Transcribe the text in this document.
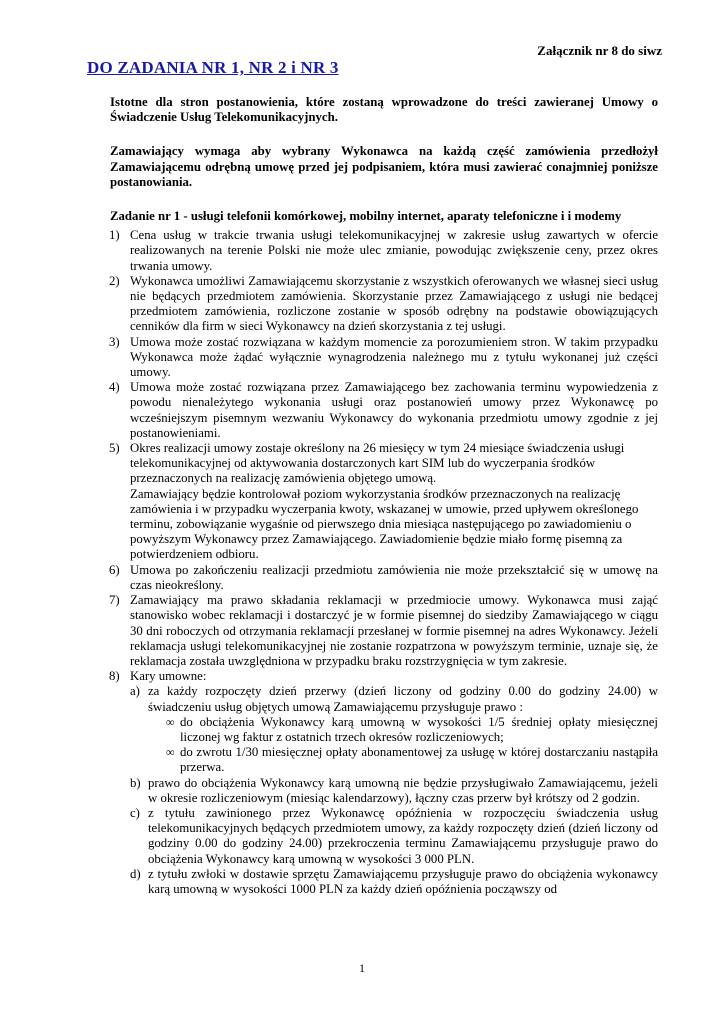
Załącznik nr 8 do siwz
DO ZADANIA NR 1, NR 2 i NR 3

Istotne dla stron postanowienia, które zostaną wprowadzone do treści zawieranej Umowy o Świadczenie Usług Telekomunikacyjnych.

Zamawiający wymaga aby wybrany Wykonawca na każdą część zamówienia przedłożył Zamawiającemu odrębną umowę przed jej podpisaniem, która musi zawierać conajmniej poniższe postanowiania.

Zadanie nr 1 - usługi telefonii komórkowej, mobilny internet, aparaty telefoniczne i i modemy

1) Cena usług w trakcie trwania usługi telekomunikacyjnej w zakresie usług zawartych w ofercie realizowanych na terenie Polski nie może ulec zmianie, powodując zwiększenie ceny, przez okres trwania umowy.
2) Wykonawca umożliwi Zamawiającemu skorzystanie z wszystkich oferowanych we własnej sieci usług nie będących przedmiotem zamówienia. Skorzystanie przez Zamawiającego z usługi nie bedącej przedmiotem zamówienia, rozliczone zostanie w sposób odrębny na podstawie obowiązujących cenników dla firm w sieci Wykonawcy na dzień skorzystania z tej usługi.
3) Umowa może zostać rozwiązana w każdym momencie za porozumieniem stron. W takim przypadku Wykonawca może żądać wyłącznie wynagrodzenia należnego mu z tytułu wykonanej już części umowy.
4) Umowa może zostać rozwiązana przez Zamawiającego bez zachowania terminu wypowiedzenia z powodu nienależytego wykonania usługi oraz postanowień umowy przez Wykonawcę po wcześniejszym pisemnym wezwaniu Wykonawcy do wykonania przedmiotu umowy zgodnie z jej postanowieniami.
5) Okres realizacji umowy zostaje określony na 26 miesięcy w tym 24 miesiące świadczenia usługi telekomunikacyjnej od aktywowania dostarczonych kart SIM lub do wyczerpania środków przeznaczonych na realizację zamówienia objętego umową.
Zamawiający będzie kontrolował poziom wykorzystania środków przeznaczonych na realizację zamówienia i w przypadku wyczerpania kwoty, wskazanej w umowie, przed upływem określonego terminu, zobowiązanie wygaśnie od pierwszego dnia miesiąca następującego po zawiadomieniu o powyższym Wykonawcy przez Zamawiającego. Zawiadomienie będzie miało formę pisemną za potwierdzeniem odbioru.
6) Umowa po zakończeniu realizacji przedmiotu zamówienia nie może przekształcić się w umowę na czas nieokreślony.
7) Zamawiający ma prawo składania reklamacji w przedmiocie umowy. Wykonawca musi zająć stanowisko wobec reklamacji i dostarczyć je w formie pisemnej do siedziby Zamawiającego w ciągu 30 dni roboczych od otrzymania reklamacji przesłanej w formie pisemnej na adres Wykonawcy. Jeżeli reklamacja usługi telekomunikacyjnej nie zostanie rozpatrzona w powyższym terminie, uznaje się, że reklamacja została uwzględniona w przypadku braku rozstrzygnięcia w tym zakresie.
8) Kary umowne:
a) za każdy rozpoczęty dzień przerwy (dzień liczony od godziny 0.00 do godziny 24.00) w świadczeniu usług objętych umową Zamawiającemu przysługuje prawo :
∞ do obciążenia Wykonawcy karą umowną w wysokości 1/5 średniej opłaty miesięcznej liczonej wg faktur z ostatnich trzech okresów rozliczeniowych;
∞ do zwrotu 1/30 miesięcznej opłaty abonamentowej za usługę w której dostarczaniu nastąpiła przerwa.
b) prawo do obciążenia Wykonawcy karą umowną nie będzie przysługiwało Zamawiającemu, jeżeli w okresie rozliczeniowym (miesiąc kalendarzowy), łączny czas przerw był krótszy od 2 godzin.
c) z tytułu zawinionego przez Wykonawcę opóźnienia w rozpoczęciu świadczenia usług telekomunikacyjnych będących przedmiotem umowy, za każdy rozpoczęty dzień (dzień liczony od godziny 0.00 do godziny 24.00) przekroczenia terminu Zamawiającemu przysługuje prawo do obciążenia Wykonawcy karą umowną w wysokości 3 000 PLN.
d) z tytułu zwłoki w dostawie sprzętu Zamawiającemu przysługuje prawo do obciążenia wykonawcy karą umowną w wysokości 1000 PLN za każdy dzień opóźnienia począwszy od
1
